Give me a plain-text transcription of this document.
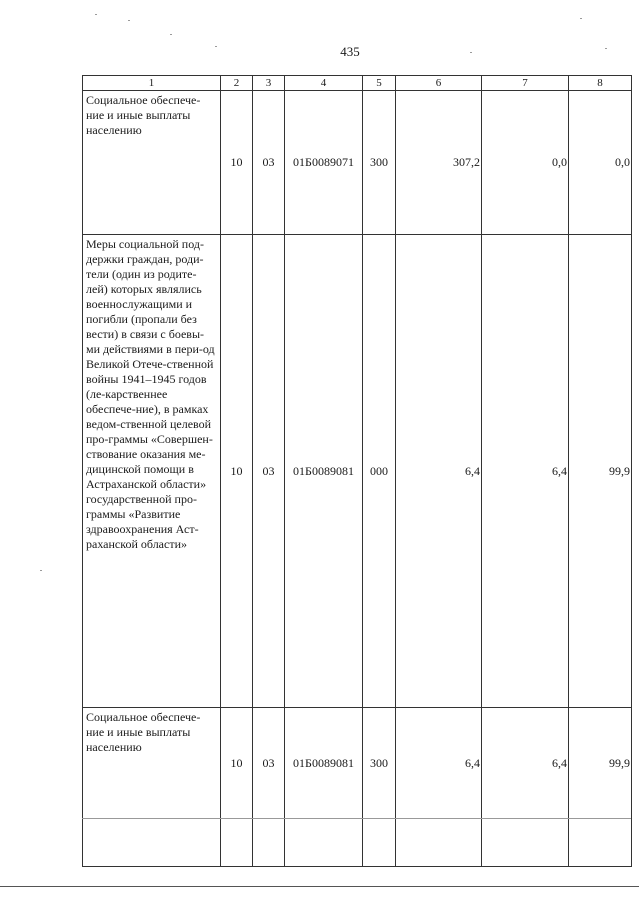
435
1	2	3	4	5	6	7	8
Социальное обеспече-ние и иные выплаты населению	10	03	01Б0089071	300	307,2	0,0	0,0
Меры социальной под-держки граждан, роди-тели (один из родите-лей) которых являлись военнослужащими и погибли (пропали без вести) в связи с боевы-ми действиями в пери-од Великой Отече-ственной войны 1941–1945 годов (ле-карственнее обеспече-ние), в рамках ведом-ственной целевой про-граммы «Совершен-ствование оказания ме-дицинской помощи в Астраханской области» государственной про-граммы «Развитие здравоохранения Аст-раханской области»	10	03	01Б0089081	000	6,4	6,4	99,9
Социальное обеспече-ние и иные выплаты населению	10	03	01Б0089081	300	6,4	6,4	99,9
